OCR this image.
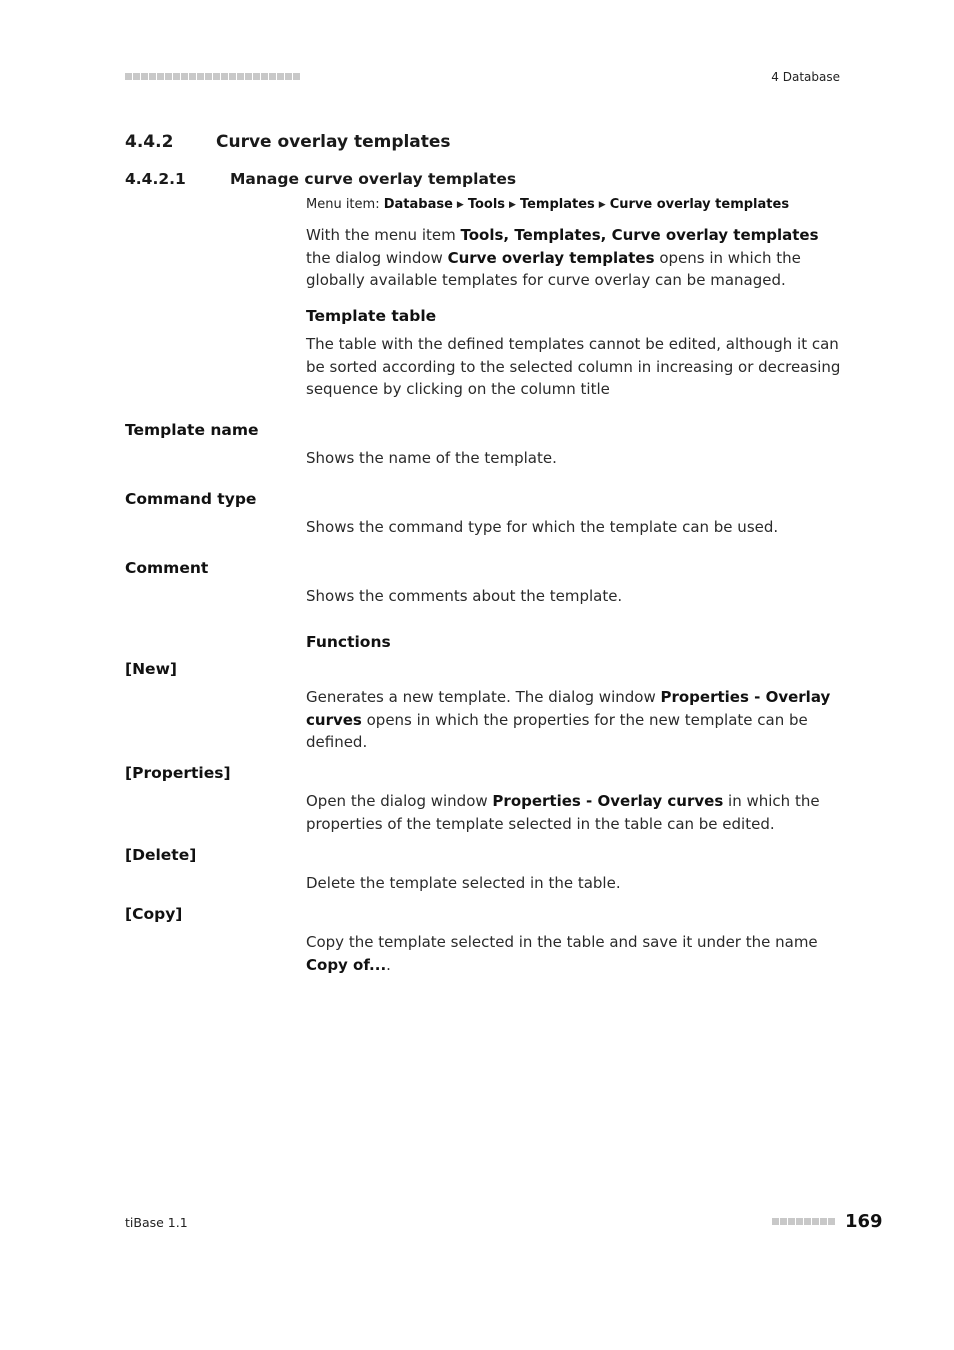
4 Database
4.4.2	Curve overlay templates
4.4.2.1	Manage curve overlay templates
Menu item: Database ▶ Tools ▶ Templates ▶ Curve overlay templates
With the menu item Tools, Templates, Curve overlay templates the dialog window Curve overlay templates opens in which the globally available templates for curve overlay can be managed.
Template table
The table with the defined templates cannot be edited, although it can be sorted according to the selected column in increasing or decreasing sequence by clicking on the column title
Template name
Shows the name of the template.
Command type
Shows the command type for which the template can be used.
Comment
Shows the comments about the template.
Functions
[New]
Generates a new template. The dialog window Properties - Overlay curves opens in which the properties for the new template can be defined.
[Properties]
Open the dialog window Properties - Overlay curves in which the properties of the template selected in the table can be edited.
[Delete]
Delete the template selected in the table.
[Copy]
Copy the template selected in the table and save it under the name Copy of....
tiBase 1.1	169
